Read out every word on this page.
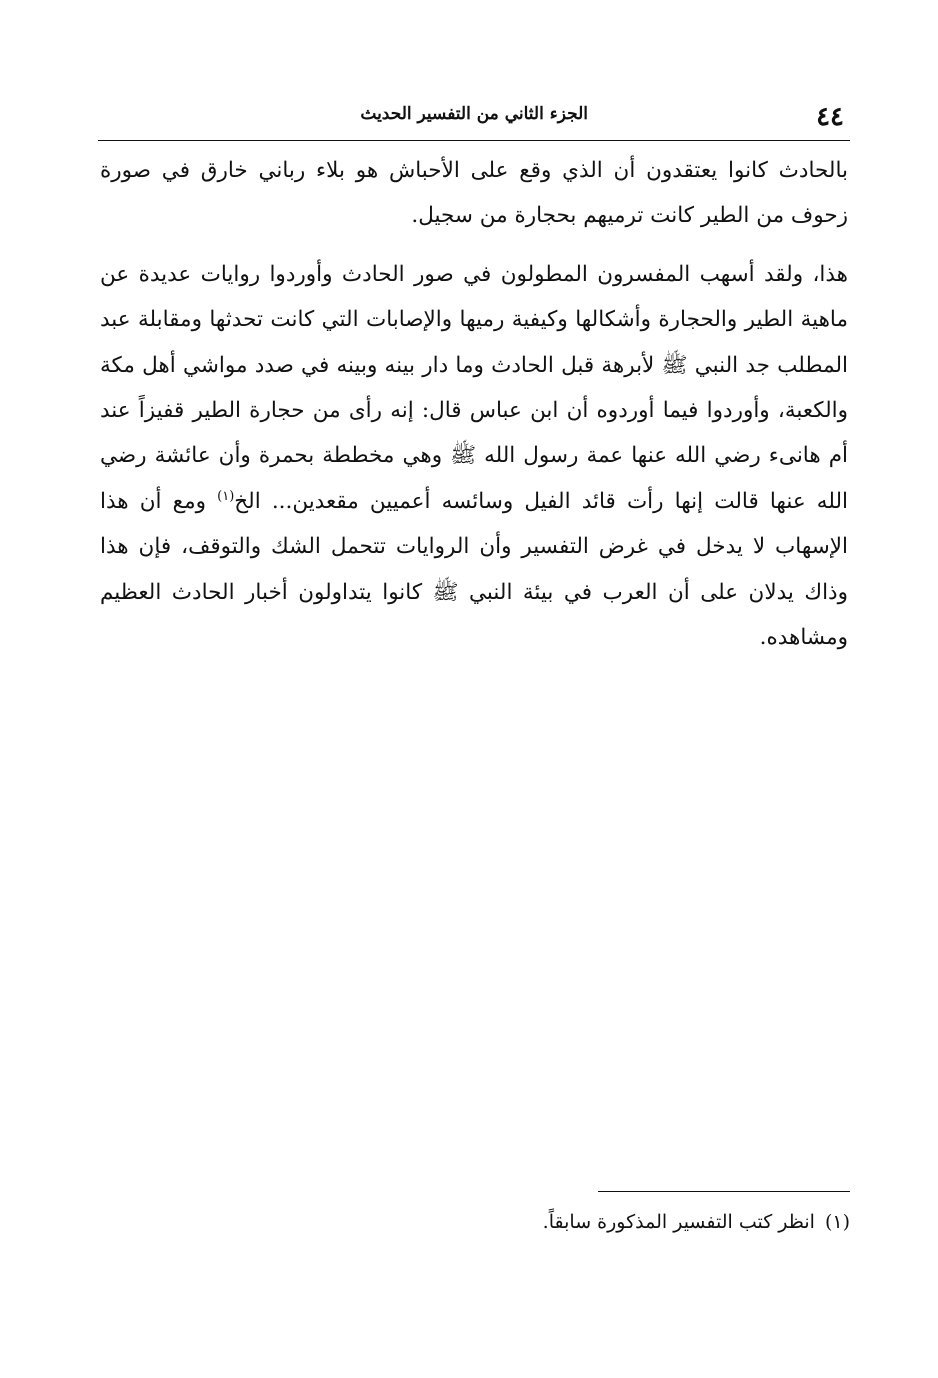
٤٤
الجزء الثاني من التفسير الحديث

بالحادث كانوا يعتقدون أن الذي وقع على الأحباش هو بلاء رباني خارق في صورة زحوف من الطير كانت ترميهم بحجارة من سجيل.

هذا، ولقد أسهب المفسرون المطولون في صور الحادث وأوردوا روايات عديدة عن ماهية الطير والحجارة وأشكالها وكيفية رميها والإصابات التي كانت تحدثها ومقابلة عبد المطلب جد النبي ﷺ لأبرهة قبل الحادث وما دار بينه وبينه في صدد مواشي أهل مكة والكعبة، وأوردوا فيما أوردوه أن ابن عباس قال: إنه رأى من حجارة الطير قفيزاً عند أم هانىء رضي الله عنها عمة رسول الله ﷺ وهي مخططة بحمرة وأن عائشة رضي الله عنها قالت إنها رأت قائد الفيل وسائسه أعميين مقعدين... الخ$^{(١)}$ ومع أن هذا الإسهاب لا يدخل في غرض التفسير وأن الروايات تتحمل الشك والتوقف، فإن هذا وذاك يدلان على أن العرب في بيئة النبي ﷺ كانوا يتداولون أخبار الحادث العظيم ومشاهده.

(١)انظر كتب التفسير المذكورة سابقاً.
